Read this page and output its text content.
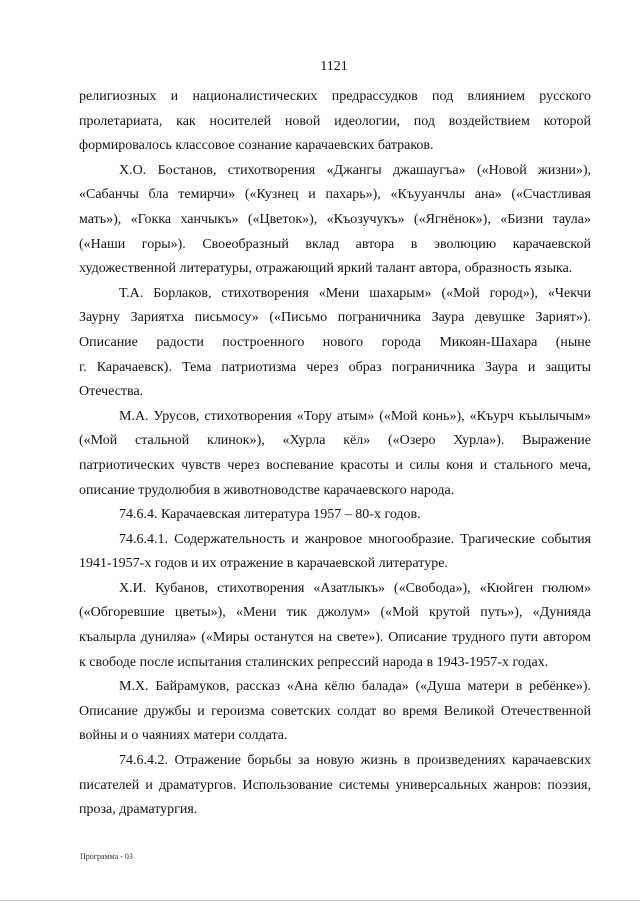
1121
религиозных и националистических предрассудков под влиянием русского
пролетариата, как носителей новой идеологии, под воздействием которой
формировалось классовое сознание карачаевских батраков.
Х.О. Бостанов, стихотворения «Джангы джашаугъа» («Новой жизни»),
«Сабанчы бла темирчи» («Кузнец и пахарь»), «Къууанчлы ана» («Счастливая
мать»), «Гокка ханчыкъ» («Цветок»), «Къозучукъ» («Ягнёнок»), «Бизни таула»
(«Наши горы»). Своеобразный вклад автора в эволюцию карачаевской
художественной литературы, отражающий яркий талант автора, образность языка.
Т.А. Борлаков, стихотворения «Мени шахарым» («Мой город»), «Чекчи
Заурну Зариятха письмосу» («Письмо пограничника Заура девушке Зарият»).
Описание радости построенного нового города Микоян-Шахара (ныне
г. Карачаевск). Тема патриотизма через образ пограничника Заура и защиты
Отечества.
М.А. Урусов, стихотворения «Тору атым» («Мой конь»), «Къурч къылычым»
(«Мой стальной клинок»), «Хурла кёл» («Озеро Хурла»). Выражение
патриотических чувств через воспевание красоты и силы коня и стального меча,
описание трудолюбия в животноводстве карачаевского народа.
74.6.4. Карачаевская литература 1957 – 80-х годов.
74.6.4.1. Содержательность и жанровое многообразие. Трагические события
1941-1957-х годов и их отражение в карачаевской литературе.
Х.И. Кубанов, стихотворения «Азатлыкъ» («Свобода»), «Кюйген гюлюм»
(«Обгоревшие цветы»), «Мени тик джолум» («Мой крутой путь»), «Дунияда
къалырла дуниляа» («Миры останутся на свете»). Описание трудного пути автором
к свободе после испытания сталинских репрессий народа в 1943-1957-х годах.
М.Х. Байрамуков, рассказ «Ана кёлю балада» («Душа матери в ребёнке»).
Описание дружбы и героизма советских солдат во время Великой Отечественной
войны и о чаяниях матери солдата.
74.6.4.2. Отражение борьбы за новую жизнь в произведениях карачаевских
писателей и драматургов. Использование системы универсальных жанров: поэзия,
проза, драматургия.
Программа - 03
